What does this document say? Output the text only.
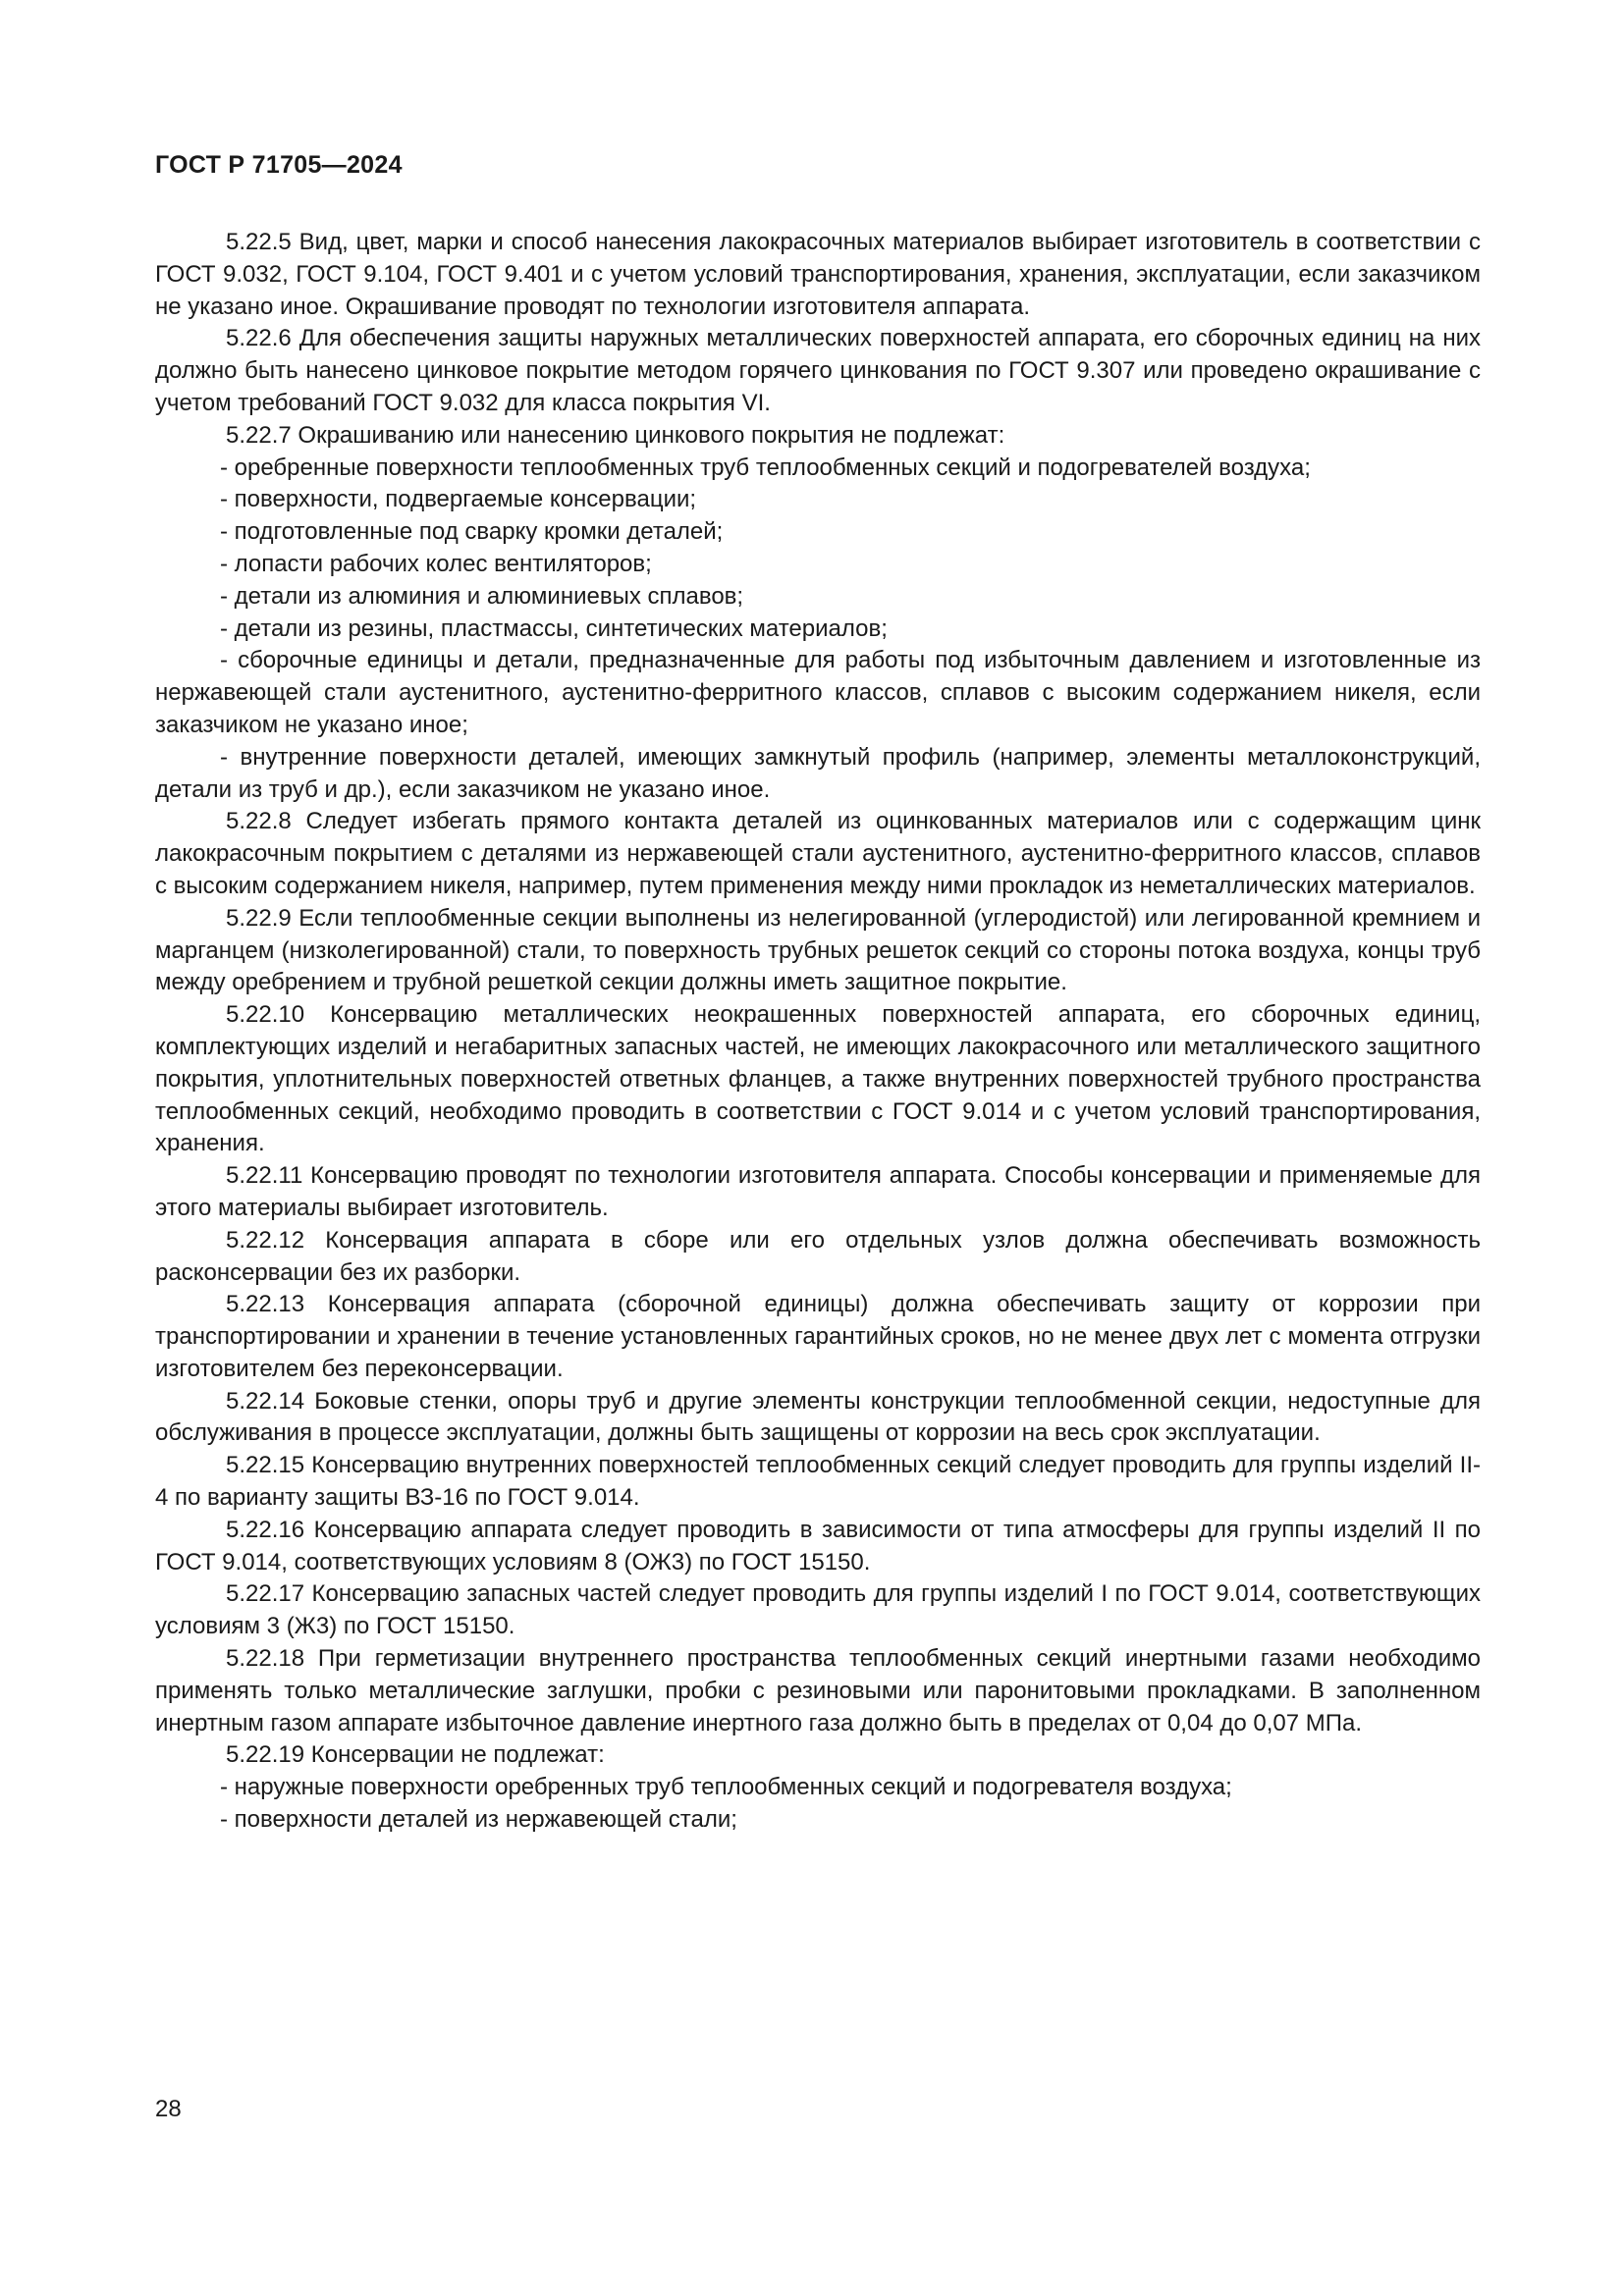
ГОСТ Р 71705—2024

5.22.5 Вид, цвет, марки и способ нанесения лакокрасочных материалов выбирает изготовитель в соответствии с ГОСТ 9.032, ГОСТ 9.104, ГОСТ 9.401 и с учетом условий транспортирования, хранения, эксплуатации, если заказчиком не указано иное. Окрашивание проводят по технологии изготовителя аппарата.

5.22.6 Для обеспечения защиты наружных металлических поверхностей аппарата, его сборочных единиц на них должно быть нанесено цинковое покрытие методом горячего цинкования по ГОСТ 9.307 или проведено окрашивание с учетом требований ГОСТ 9.032 для класса покрытия VI.

5.22.7 Окрашиванию или нанесению цинкового покрытия не подлежат:

- оребренные поверхности теплообменных труб теплообменных секций и подогревателей воздуха;

- поверхности, подвергаемые консервации;

- подготовленные под сварку кромки деталей;

- лопасти рабочих колес вентиляторов;

- детали из алюминия и алюминиевых сплавов;

- детали из резины, пластмассы, синтетических материалов;

- сборочные единицы и детали, предназначенные для работы под избыточным давлением и изготовленные из нержавеющей стали аустенитного, аустенитно-ферритного классов, сплавов с высоким содержанием никеля, если заказчиком не указано иное;

- внутренние поверхности деталей, имеющих замкнутый профиль (например, элементы металлоконструкций, детали из труб и др.), если заказчиком не указано иное.

5.22.8 Следует избегать прямого контакта деталей из оцинкованных материалов или с содержащим цинк лакокрасочным покрытием с деталями из нержавеющей стали аустенитного, аустенитно-ферритного классов, сплавов с высоким содержанием никеля, например, путем применения между ними прокладок из неметаллических материалов.

5.22.9 Если теплообменные секции выполнены из нелегированной (углеродистой) или легированной кремнием и марганцем (низколегированной) стали, то поверхность трубных решеток секций со стороны потока воздуха, концы труб между оребрением и трубной решеткой секции должны иметь защитное покрытие.

5.22.10 Консервацию металлических неокрашенных поверхностей аппарата, его сборочных единиц, комплектующих изделий и негабаритных запасных частей, не имеющих лакокрасочного или металлического защитного покрытия, уплотнительных поверхностей ответных фланцев, а также внутренних поверхностей трубного пространства теплообменных секций, необходимо проводить в соответствии с ГОСТ 9.014 и с учетом условий транспортирования, хранения.

5.22.11 Консервацию проводят по технологии изготовителя аппарата. Способы консервации и применяемые для этого материалы выбирает изготовитель.

5.22.12 Консервация аппарата в сборе или его отдельных узлов должна обеспечивать возможность расконсервации без их разборки.

5.22.13 Консервация аппарата (сборочной единицы) должна обеспечивать защиту от коррозии при транспортировании и хранении в течение установленных гарантийных сроков, но не менее двух лет с момента отгрузки изготовителем без переконсервации.

5.22.14 Боковые стенки, опоры труб и другие элементы конструкции теплообменной секции, недоступные для обслуживания в процессе эксплуатации, должны быть защищены от коррозии на весь срок эксплуатации.

5.22.15 Консервацию внутренних поверхностей теплообменных секций следует проводить для группы изделий II-4 по варианту защиты ВЗ-16 по ГОСТ 9.014.

5.22.16 Консервацию аппарата следует проводить в зависимости от типа атмосферы для группы изделий II по ГОСТ 9.014, соответствующих условиям 8 (ОЖ3) по ГОСТ 15150.

5.22.17 Консервацию запасных частей следует проводить для группы изделий I по ГОСТ 9.014, соответствующих условиям 3 (Ж3) по ГОСТ 15150.

5.22.18 При герметизации внутреннего пространства теплообменных секций инертными газами необходимо применять только металлические заглушки, пробки с резиновыми или паронитовыми прокладками. В заполненном инертным газом аппарате избыточное давление инертного газа должно быть в пределах от 0,04 до 0,07 МПа.

5.22.19 Консервации не подлежат:

- наружные поверхности оребренных труб теплообменных секций и подогревателя воздуха;

- поверхности деталей из нержавеющей стали;

28
